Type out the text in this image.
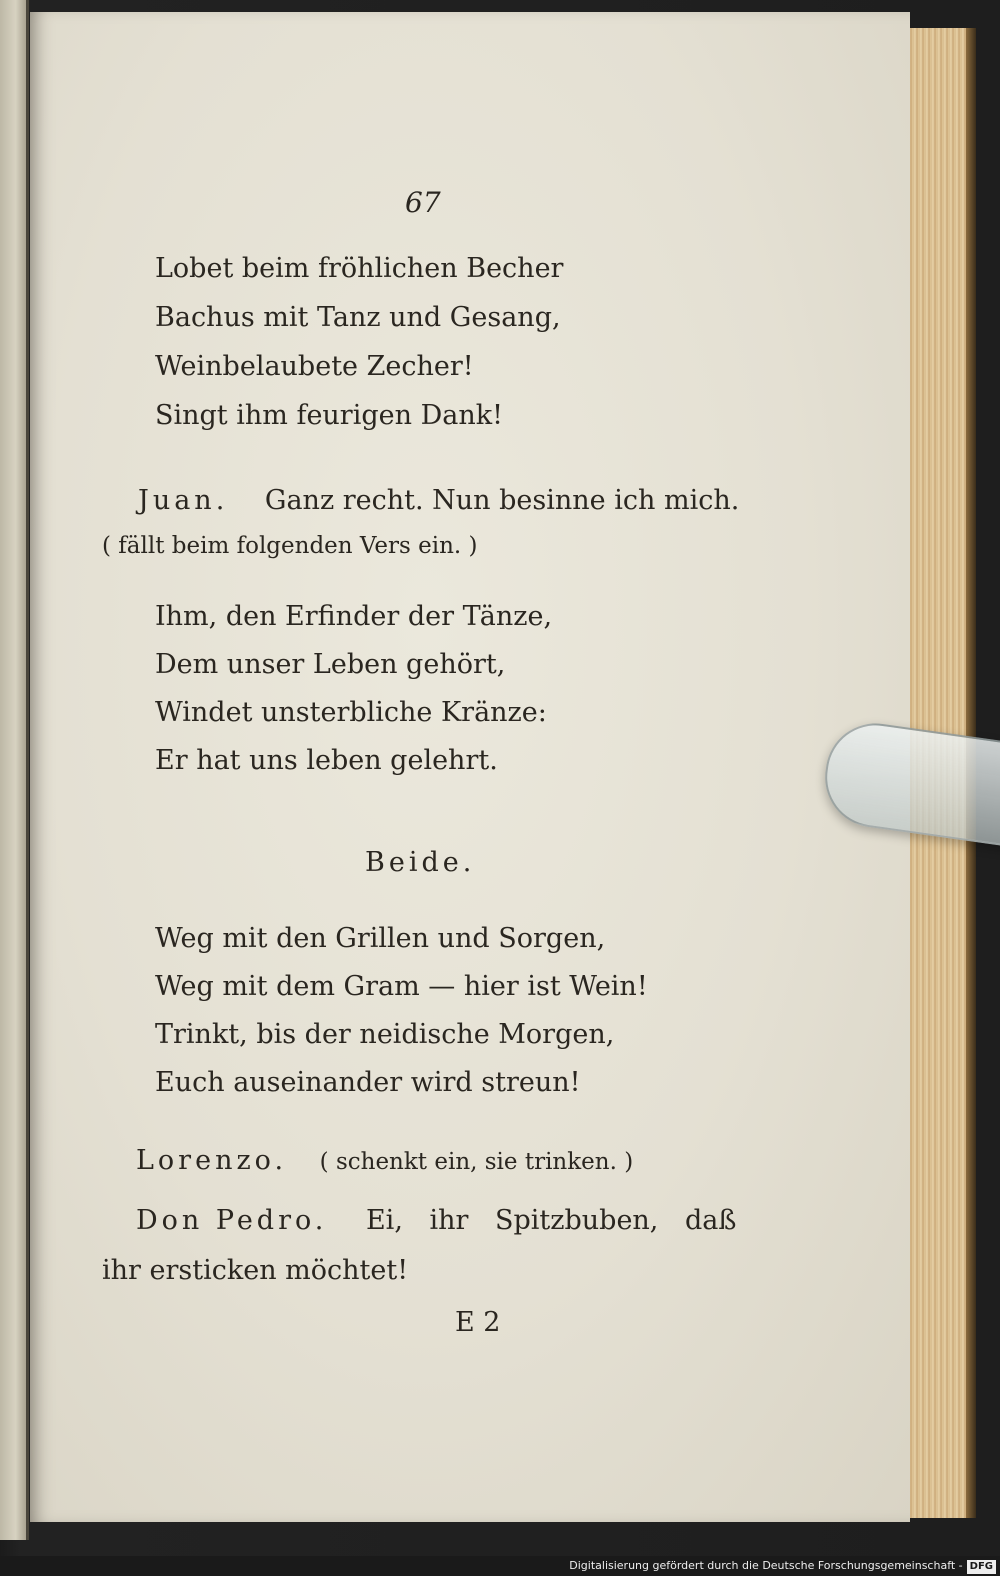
67
Lobet beim fröhlichen Becher
Bachus mit Tanz und Gesang,
Weinbelaubete Zecher!
Singt ihm feurigen Dank!
Juan. Ganz recht. Nun besinne ich mich.
( fällt beim folgenden Vers ein. )
Ihm, den Erfinder der Tänze,
Dem unser Leben gehört,
Windet unsterbliche Kränze:
Er hat uns leben gelehrt.
Beide.
Weg mit den Grillen und Sorgen,
Weg mit dem Gram — hier ist Wein!
Trinkt, bis der neidische Morgen,
Euch auseinander wird streun!
Lorenzo. ( schenkt ein, sie trinken. )
Don Pedro. Ei, ihr Spitzbuben, daß
ihr ersticken möchtet!
E 2
Digitalisierung gefördert durch die Deutsche Forschungsgemeinschaft - DFG
